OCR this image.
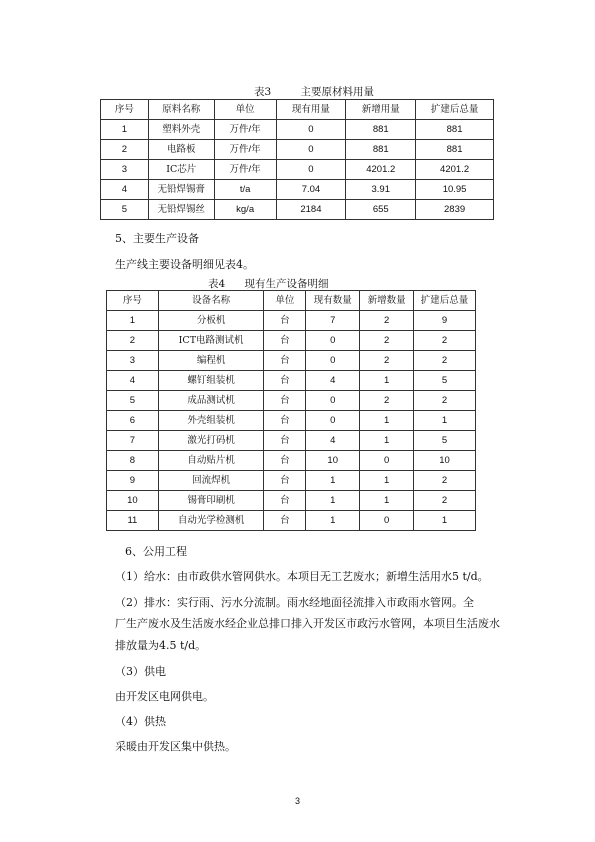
表3	主要原材料用量
序号	原料名称	单位	现有用量	新增用量	扩建后总量
1	塑料外壳	万件/年	0	881	881
2	电路板	万件/年	0	881	881
3	IC芯片	万件/年	0	4201.2	4201.2
4	无铅焊锡膏	t/a	7.04	3.91	10.95
5	无铅焊锡丝	kg/a	2184	655	2839
5、主要生产设备
生产线主要设备明细见表4。
表4 现有生产设备明细
序号	设备名称	单位	现有数量	新增数量	扩建后总量
1	分板机	台	7	2	9
2	ICT电路测试机	台	0	2	2
3	编程机	台	0	2	2
4	螺钉组装机	台	4	1	5
5	成品测试机	台	0	2	2
6	外壳组装机	台	0	1	1
7	激光打码机	台	4	1	5
8	自动贴片机	台	10	0	10
9	回流焊机	台	1	1	2
10	锡膏印刷机	台	1	1	2
11	自动光学检测机	台	1	0	1
6、公用工程
（1）给水：由市政供水管网供水。本项目无工艺废水；新增生活用水5 t/d。
（2）排水：实行雨、污水分流制。雨水经地面径流排入市政雨水管网。全
厂生产废水及生活废水经企业总排口排入开发区市政污水管网，本项目生活废水
排放量为4.5 t/d。
（3）供电
由开发区电网供电。
（4）供热
采暖由开发区集中供热。
3
